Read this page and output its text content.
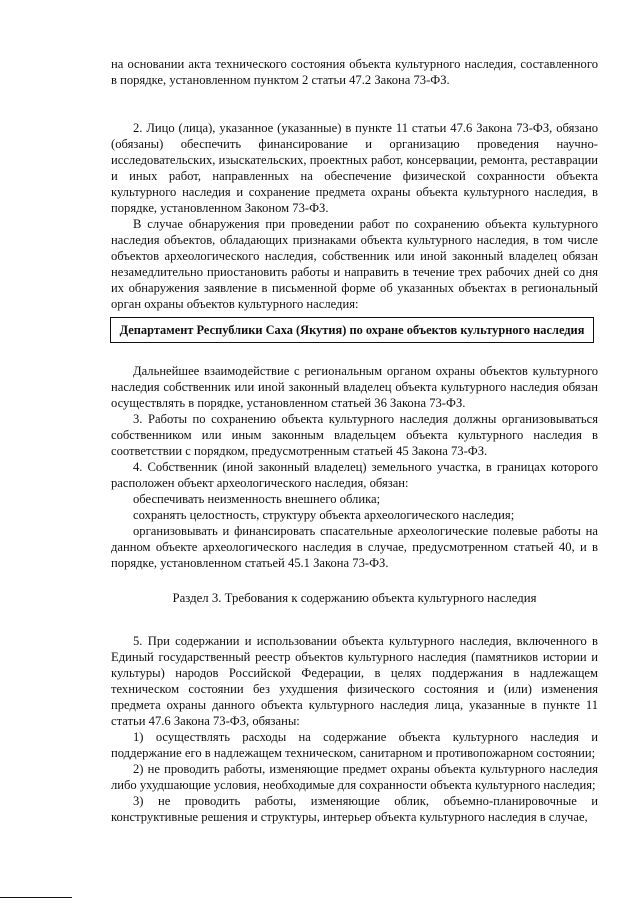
на основании акта технического состояния объекта культурного наследия, составленного в порядке, установленном пунктом 2 статьи 47.2 Закона 73-ФЗ.

2. Лицо (лица), указанное (указанные) в пункте 11 статьи 47.6 Закона 73-ФЗ, обязано (обязаны) обеспечить финансирование и организацию проведения научно-исследовательских, изыскательских, проектных работ, консервации, ремонта, реставрации и иных работ, направленных на обеспечение физической сохранности объекта культурного наследия и сохранение предмета охраны объекта культурного наследия, в порядке, установленном Законом 73-ФЗ.

В случае обнаружения при проведении работ по сохранению объекта культурного наследия объектов, обладающих признаками объекта культурного наследия, в том числе объектов археологического наследия, собственник или иной законный владелец обязан незамедлительно приостановить работы и направить в течение трех рабочих дней со дня их обнаружения заявление в письменной форме об указанных объектах в региональный орган охраны объектов культурного наследия:

Департамент Республики Саха (Якутия) по охране объектов культурного наследия

Дальнейшее взаимодействие с региональным органом охраны объектов культурного наследия собственник или иной законный владелец объекта культурного наследия обязан осуществлять в порядке, установленном статьей 36 Закона 73-ФЗ.

3. Работы по сохранению объекта культурного наследия должны организовываться собственником или иным законным владельцем объекта культурного наследия в соответствии с порядком, предусмотренным статьей 45 Закона 73-ФЗ.

4. Собственник (иной законный владелец) земельного участка, в границах которого расположен объект археологического наследия, обязан:

обеспечивать неизменность внешнего облика;

сохранять целостность, структуру объекта археологического наследия;

организовывать и финансировать спасательные археологические полевые работы на данном объекте археологического наследия в случае, предусмотренном статьей 40, и в порядке, установленном статьей 45.1 Закона 73-ФЗ.

Раздел 3. Требования к содержанию объекта культурного наследия

5. При содержании и использовании объекта культурного наследия, включенного в Единый государственный реестр объектов культурного наследия (памятников истории и культуры) народов Российской Федерации, в целях поддержания в надлежащем техническом состоянии без ухудшения физического состояния и (или) изменения предмета охраны данного объекта культурного наследия лица, указанные в пункте 11 статьи 47.6 Закона 73-ФЗ, обязаны:

1) осуществлять расходы на содержание объекта культурного наследия и поддержание его в надлежащем техническом, санитарном и противопожарном состоянии;

2) не проводить работы, изменяющие предмет охраны объекта культурного наследия либо ухудшающие условия, необходимые для сохранности объекта культурного наследия;

3) не проводить работы, изменяющие облик, объемно-планировочные и конструктивные решения и структуры, интерьер объекта культурного наследия в случае,
